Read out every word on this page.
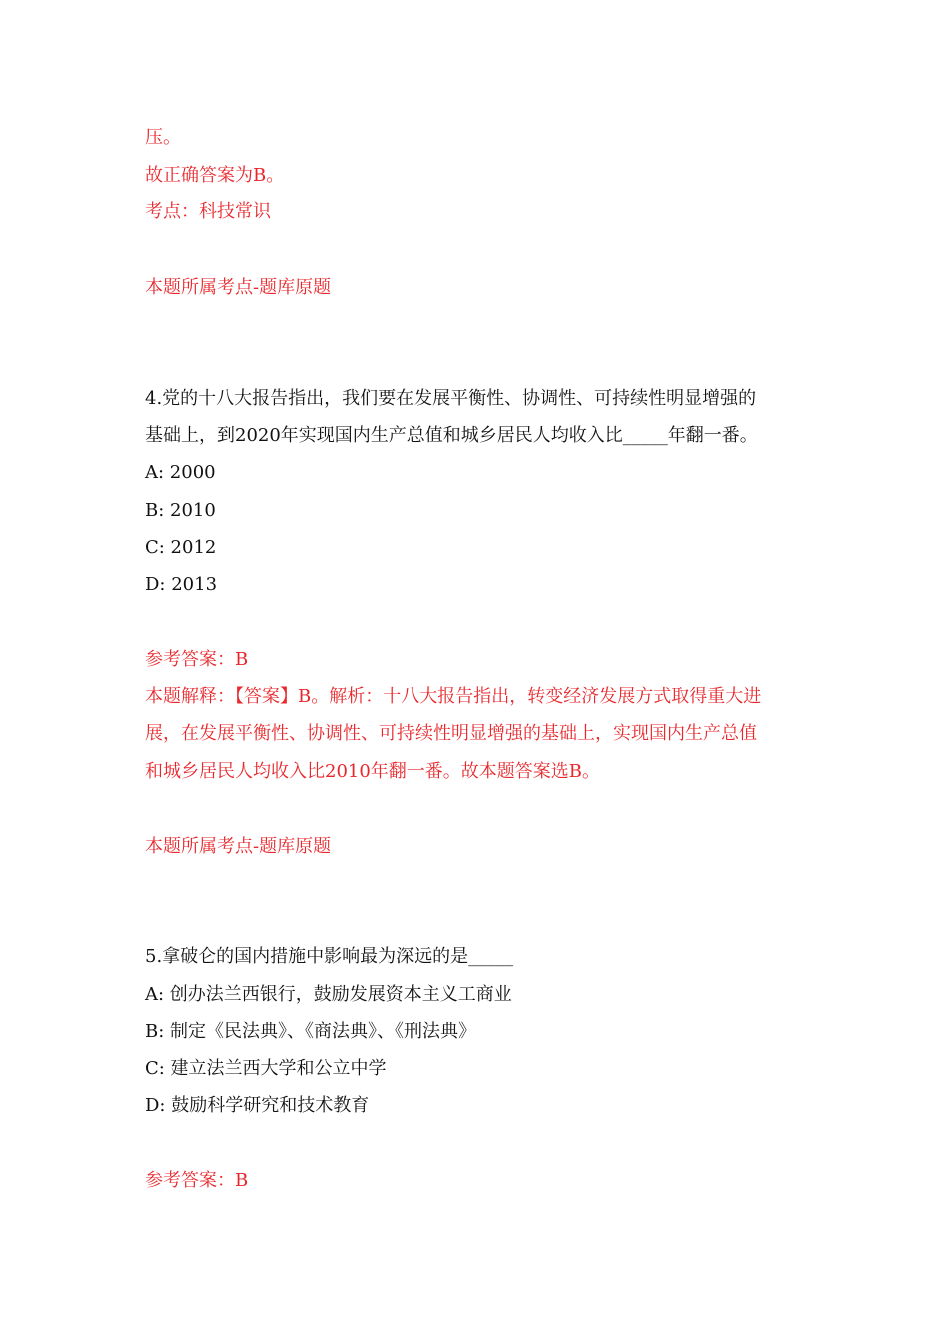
压。
故正确答案为B。
考点：科技常识
本题所属考点-题库原题
4.党的十八大报告指出，我们要在发展平衡性、协调性、可持续性明显增强的
基础上，到2020年实现国内生产总值和城乡居民人均收入比_____年翻一番。
A: 2000
B: 2010
C: 2012
D: 2013
参考答案：B
本题解释：【答案】B。解析：十八大报告指出，转变经济发展方式取得重大进
展，在发展平衡性、协调性、可持续性明显增强的基础上，实现国内生产总值
和城乡居民人均收入比2010年翻一番。故本题答案选B。
本题所属考点-题库原题
5.拿破仑的国内措施中影响最为深远的是_____
A: 创办法兰西银行，鼓励发展资本主义工商业
B: 制定《民法典》、《商法典》、《刑法典》
C: 建立法兰西大学和公立中学
D: 鼓励科学研究和技术教育
参考答案：B
